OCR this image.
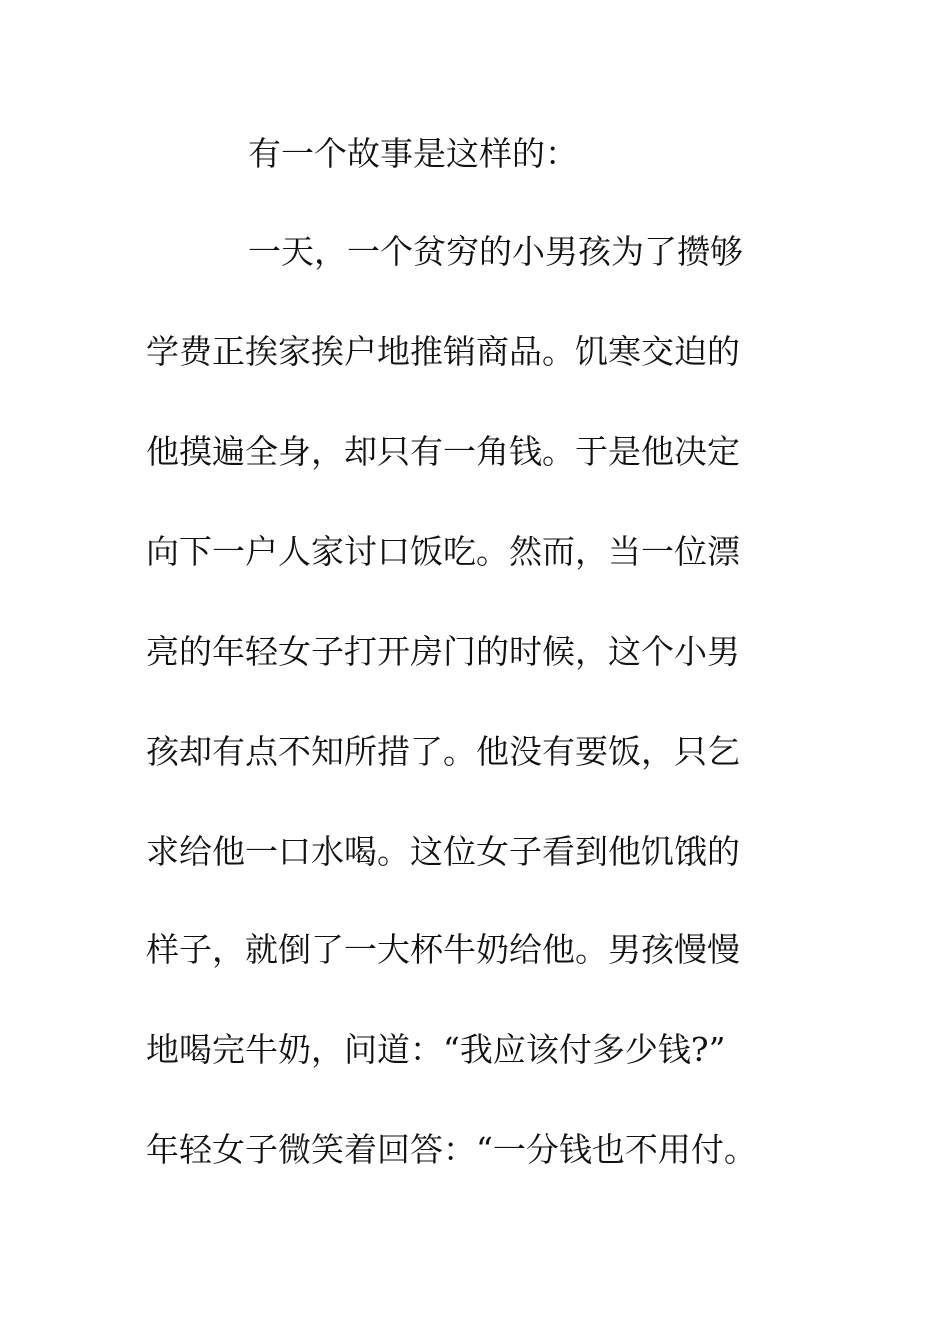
有一个故事是这样的：
一天，一个贫穷的小男孩为了攒够
学费正挨家挨户地推销商品。饥寒交迫的
他摸遍全身，却只有一角钱。于是他决定
向下一户人家讨口饭吃。然而，当一位漂
亮的年轻女子打开房门的时候，这个小男
孩却有点不知所措了。他没有要饭，只乞
求给他一口水喝。这位女子看到他饥饿的
样子，就倒了一大杯牛奶给他。男孩慢慢
地喝完牛奶，问道：“我应该付多少钱?”
年轻女子微笑着回答：“一分钱也不用付。
